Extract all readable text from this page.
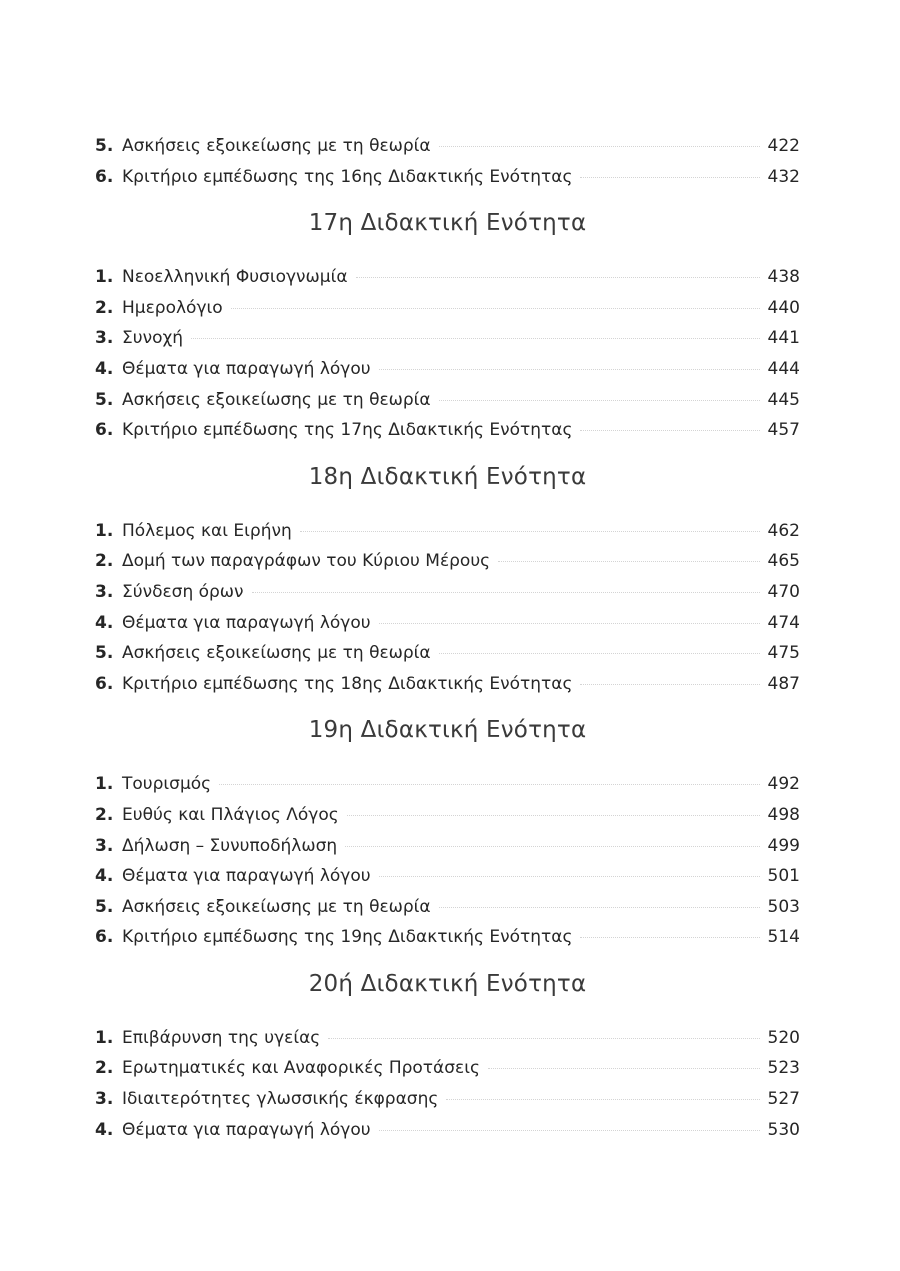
5. Ασκήσεις εξοικείωσης με τη θεωρία	422
6. Κριτήριο εμπέδωσης της 16ης Διδακτικής Ενότητας	432
17η Διδακτική Ενότητα
1. Νεοελληνική Φυσιογνωμία	438
2. Ημερολόγιο	440
3. Συνοχή	441
4. Θέματα για παραγωγή λόγου	444
5. Ασκήσεις εξοικείωσης με τη θεωρία	445
6. Κριτήριο εμπέδωσης της 17ης Διδακτικής Ενότητας	457
18η Διδακτική Ενότητα
1. Πόλεμος και Ειρήνη	462
2. Δομή των παραγράφων του Κύριου Μέρους	465
3. Σύνδεση όρων	470
4. Θέματα για παραγωγή λόγου	474
5. Ασκήσεις εξοικείωσης με τη θεωρία	475
6. Κριτήριο εμπέδωσης της 18ης Διδακτικής Ενότητας	487
19η Διδακτική Ενότητα
1. Τουρισμός	492
2. Ευθύς και Πλάγιος Λόγος	498
3. Δήλωση – Συνυποδήλωση	499
4. Θέματα για παραγωγή λόγου	501
5. Ασκήσεις εξοικείωσης με τη θεωρία	503
6. Κριτήριο εμπέδωσης της 19ης Διδακτικής Ενότητας	514
20ή Διδακτική Ενότητα
1. Επιβάρυνση της υγείας	520
2. Ερωτηματικές και Αναφορικές Προτάσεις	523
3. Ιδιαιτερότητες γλωσσικής έκφρασης	527
4. Θέματα για παραγωγή λόγου	530
